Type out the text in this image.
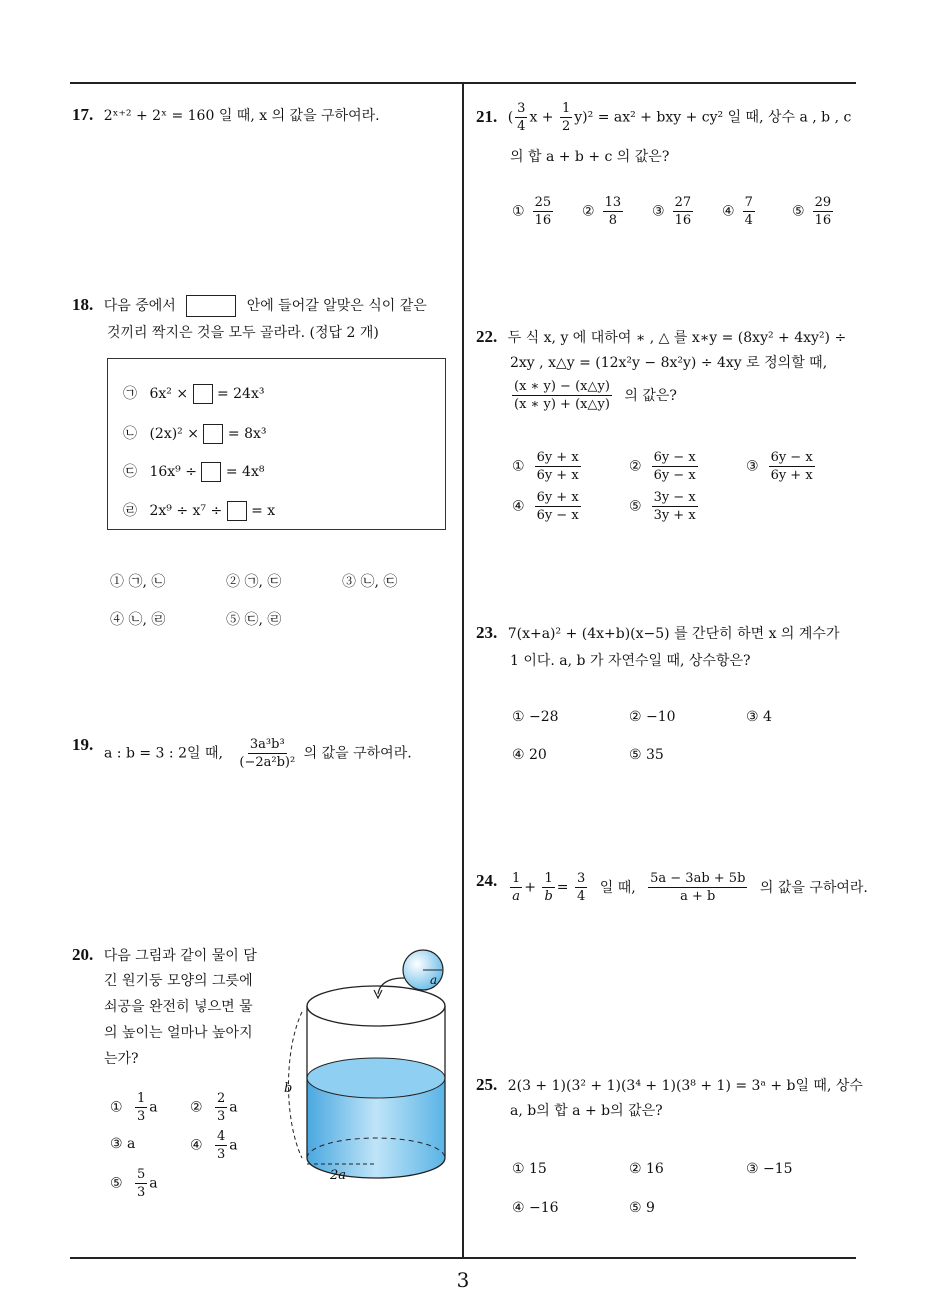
3
17. 2ˣ⁺² + 2ˣ = 160 일 때, x 의 값을 구하여라.
18. 다음 중에서	안에 들어갈 알맞은 식이 같은
것끼리 짝지은 것을 모두 골라라. (정답 2 개)
㉠ 6x² × = 24x³
㉡ (2x)² × = 8x³
㉢ 16x⁹ ÷ = 4x⁸
㉣ 2x⁹ ÷ x⁷ ÷ = x
① ㉠, ㉡	② ㉠, ㉢	③ ㉡, ㉢
④ ㉡, ㉣	⑤ ㉢, ㉣
19. a : b = 3 : 2일 때, $\frac{\text{3a³b³}}{\text{(−2a²b)²}}$ 의 값을 구하여라.
20. 다음 그림과 같이 물이 담
긴 원기둥 모양의 그릇에
쇠공을 완전히 넣으면 물
의 높이는 얼마나 높아지
는가?
① $\frac{1}{3}$ a ② $\frac{2}{3}$ a
③ a	④ $\frac{4}{3}$ a
⑤ $\frac{5}{3}$ a	2a
b
a
21. ( $\frac{3}{4}$ $x + \frac{1}{2} y)^2 = ax^2$ + bxy + cy² 일 때, 상수 a , b , c
의 합 a + b + c 의 값은?
① $\frac{25}{16}$ ② $\frac{13}{8}$ ③ $\frac{27}{16}$ ④ $\frac{7}{4}$	⑤ $\frac{29}{16}$
22. 두 식 x, y 에 대하여 ∗ , △ 를 x∗y = (8xy² + 4xy²) ÷
2xy , x△y = (12x²y − 8x²y) ÷ 4xy 로 정의할 때,
$\frac{(x ∗ y) - (x\triangle y)}{(x ∗ y) + (x\triangle y)}$ 의 값은?
① $\frac{6y + x}{6y + x}$	② $\frac{6y - x}{6y - x}$	③ $\frac{6y - x}{6y + x}$
④ $\frac{6y + x}{6y - x}$	⑤ $\frac{3y - x}{3y + x}$
23. 7(x+a)² + (4x+b)(x−5) 를 간단히 하면 x 의 계수가
1 이다. a, b 가 자연수일 때, 상수항은?
① −28	② −10	③ 4
④ 20	⑤ 35
24. $\frac{1}{a} + \frac{1}{b} = \frac{3}{4}$ 일 때, $\frac{5a - 3ab + 5b}{a + b}$ 의 값을 구하여라.
25. 2(3 + 1)(3² + 1)(3⁴ + 1)(3⁸ + 1) = 3ᵃ + b일 때, 상수
a, b의 합 a + b의 값은?
① 15	② 16	③ −15
④ −16	⑤ 9
